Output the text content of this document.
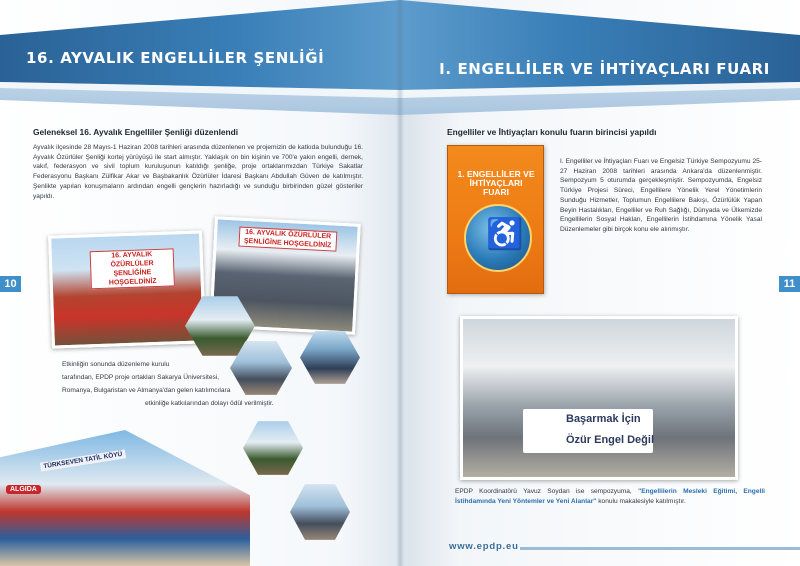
16. AYVALIK ENGELLİLER ŞENLİĞİ
Geleneksel 16. Ayvalık Engelliler Şenliği düzenlendi
Ayvalık ilçesinde 28 Mayıs-1 Haziran 2008 tarihleri arasında düzenlenen ve projemizin de katkıda bulunduğu 16. Ayvalık Özürlüler Şenliği kortej yürüyüşü ile start almıştır. Yaklaşık on bin kişinin ve 700'e yakın engelli, dernek, vakıf, federasyon ve sivil toplum kuruluşunun katıldığı şenliğe, proje ortaklarımızdan Türkiye Sakatlar Federasyonu Başkanı Zülfikar Akar ve Başbakanlık Özürlüler İdaresi Başkanı Abdullah Güven de katılmıştır. Şenlikte yapılan konuşmaların ardından engelli gençlerin hazırladığı ve sunduğu birbirinden güzel gösteriler yapıldı.
10
16. AYVALIK ÖZÜRLÜLER ŞENLİĞİNE HOŞGELDİNİZ
16. AYVALIK ÖZÜRLÜLER ŞENLİĞİNE HOŞGELDİNİZ
Etkinliğin sonunda düzenleme kurulu
tarafından, EPDP proje ortakları Sakarya Üniversitesi,
Romanya, Bulgaristan ve Almanya'dan gelen katılımcılara
etkinliğe katkılarından dolayı ödül verilmiştir.
TÜRKSEVEN TATİL KÖYÜ
ALGIDA
I. ENGELLİLER VE İHTİYAÇLARI FUARI
Engelliler ve İhtiyaçları konulu fuarın birincisi yapıldı
1. ENGELLİLER VE İHTİYAÇLARI FUARI
♿
I. Engelliler ve İhtiyaçları Fuarı ve Engelsiz Türkiye Sempozyumu 25-27 Haziran 2008 tarihleri arasında Ankara'da düzenlenmiştir. Sempozyum 5 oturumda gerçekleşmiştir. Sempozyumda, Engelsiz Türkiye Projesi Süreci, Engellilere Yönelik Yerel Yönetimlerin Sunduğu Hizmetler, Toplumun Engellilere Bakışı, Özürlülük Yapan Beyin Hastalıkları, Engelliler ve Ruh Sağlığı, Dünyada ve Ülkemizde Engellilerin Sosyal Hakları, Engellilerin İstihdamına Yönelik Yasal Düzenlemeler gibi birçok konu ele alınmıştır.
11
Başarmak İçin
Özür Engel Değil
EPDP Koordinatörü Yavuz Soydan ise sempozyuma, "Engellilerin Mesleki Eğitimi, Engelli İstihdamında Yeni Yöntemler ve Yeni Alanlar" konulu makalesiyle katılmıştır.
www.epdp.eu
